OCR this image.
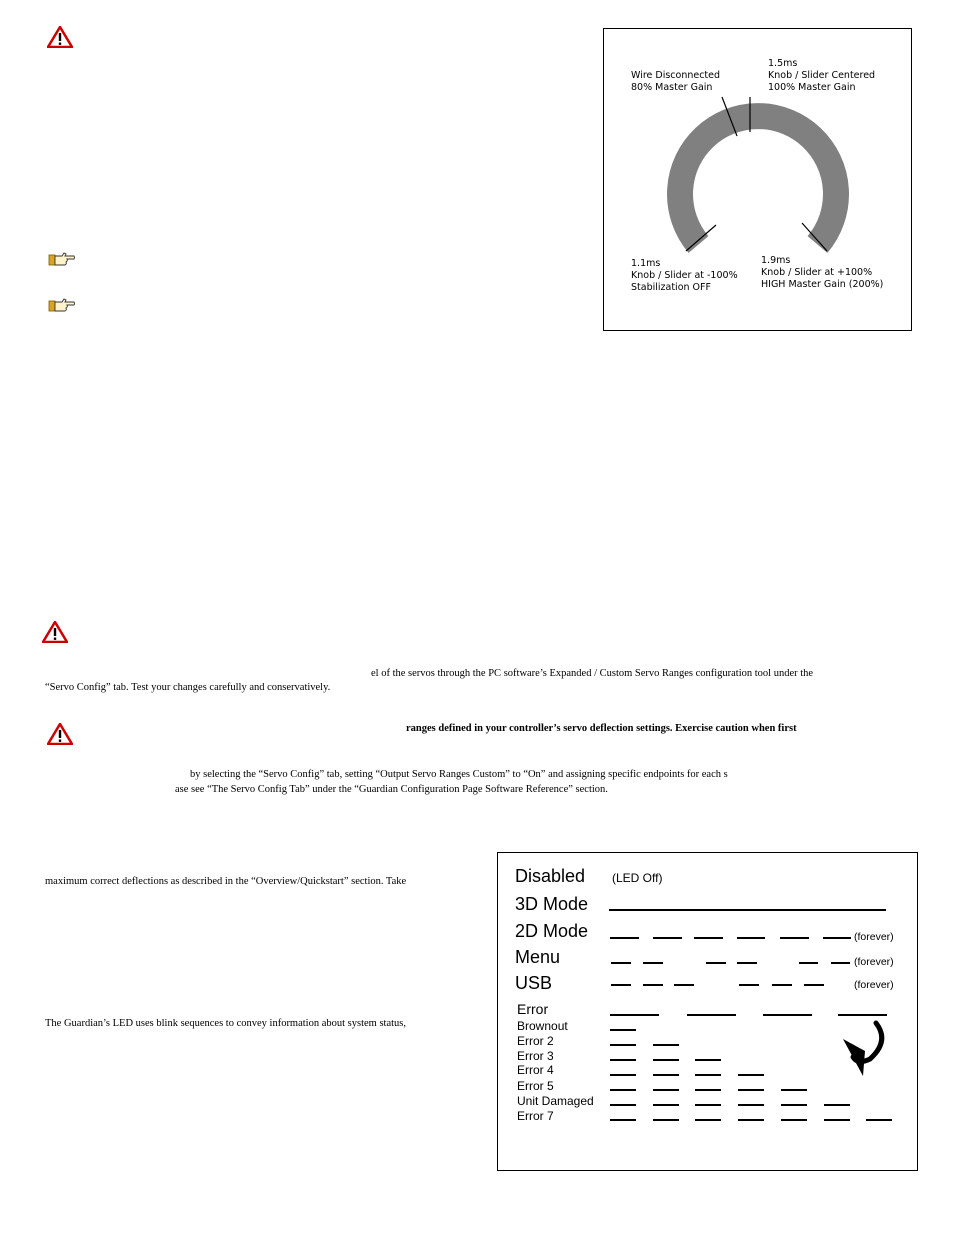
Wire Disconnected
80% Master Gain
1.5ms
Knob / Slider Centered
100% Master Gain
1.1ms
Knob / Slider at -100%
Stabilization OFF
1.9ms
Knob / Slider at +100%
HIGH Master Gain (200%)
el of the servos through the PC software’s Expanded / Custom Servo Ranges configuration tool under the
“Servo Config” tab. Test your changes carefully and conservatively.
ranges defined in your controller’s servo deflection settings. Exercise caution when first
by selecting the “Servo Config” tab, setting “Output Servo Ranges Custom” to “On” and assigning specific endpoints for each s
ase see “The Servo Config Tab” under the “Guardian Configuration Page Software Reference” section.
maximum correct deflections as described in the “Overview/Quickstart” section. Take
The Guardian’s LED uses blink sequences to convey information about system status,
Disabled (LED Off)
3D Mode
2D Mode
Menu
USB
(forever)
(forever)
(forever)
Error
Brownout
Error 2
Error 3
Error 4
Error 5
Unit Damaged
Error 7
